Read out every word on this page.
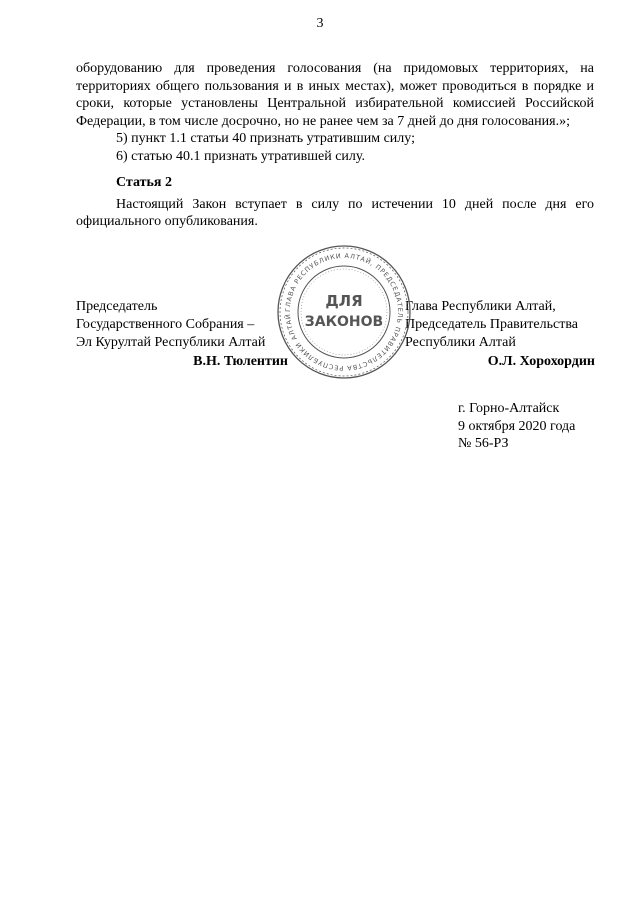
3

оборудованию для проведения голосования (на придомовых территориях, на территориях общего пользования и в иных местах), может проводиться в порядке и сроки, которые установлены Центральной избирательной комиссией Российской Федерации, в том числе досрочно, но не ранее чем за 7 дней до дня голосования.»;

5) пункт 1.1 статьи 40 признать утратившим силу;

6) статью 40.1 признать утратившей силу.

Статья 2

Настоящий Закон вступает в силу по истечении 10 дней после дня его официального опубликования.

Председатель
Государственного Собрания –
Эл Курултай Республики Алтай
В.Н. Тюлентин
Глава Республики Алтай,
Председатель Правительства
Республики Алтай
О.Л. Хорохордин
ГЛАВА РЕСПУБЛИКИ АЛТАЙ, ПРЕДСЕДАТЕЛЬ ПРАВИТЕЛЬСТВА РЕСПУБЛИКИ АЛТАЙ
ДЛЯ
ЗАКОНОВ
г. Горно-Алтайск
9 октября 2020 года
№ 56-РЗ
